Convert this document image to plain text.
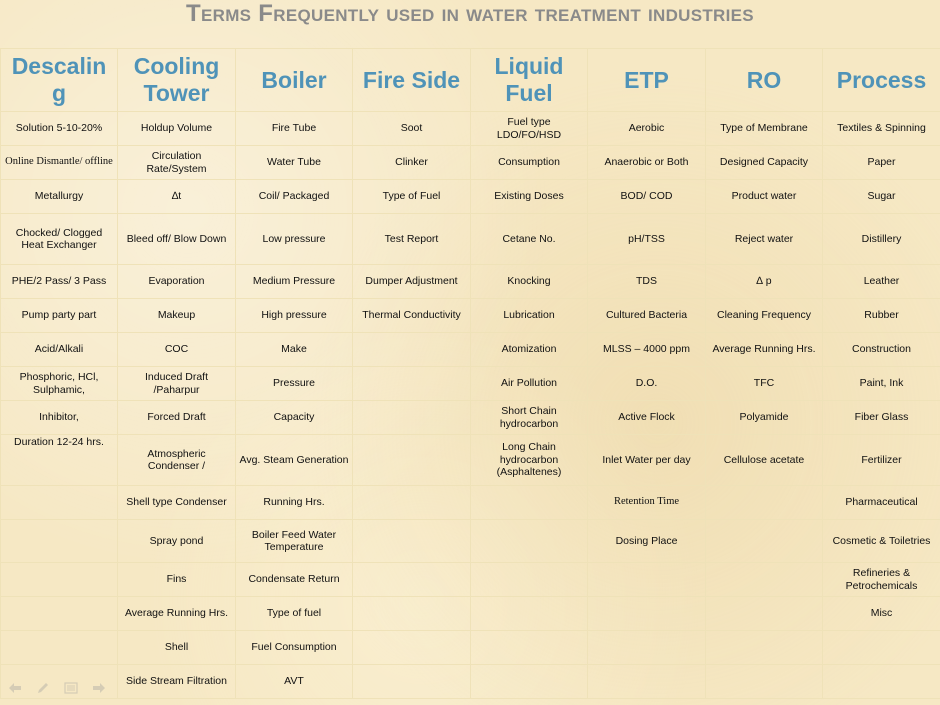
Terms Frequently used in water treatment industries
Descalin g	Cooling Tower	Boiler	Fire Side	Liquid Fuel	ETP	RO	Process
Solution 5-10-20%	Holdup Volume	Fire Tube	Soot	Fuel type LDO/FO/HSD	Aerobic	Type of Membrane	Textiles & Spinning
Online Dismantle/ offline	Circulation Rate/System	Water Tube	Clinker	Consumption	Anaerobic or Both	Designed Capacity	Paper
Metallurgy	∆t	Coil/ Packaged	Type of Fuel	Existing Doses	BOD/ COD	Product water	Sugar
Chocked/ Clogged Heat Exchanger	Bleed off/ Blow Down	Low pressure	Test Report	Cetane No.	pH/TSS	Reject water	Distillery
PHE/2 Pass/ 3 Pass	Evaporation	Medium Pressure	Dumper Adjustment	Knocking	TDS	∆ p	Leather
Pump party part	Makeup	High pressure	Thermal Conductivity	Lubrication	Cultured Bacteria	Cleaning Frequency	Rubber
Acid/Alkali	COC	Make		Atomization	MLSS – 4000 ppm	Average Running Hrs.	Construction
Phosphoric, HCl, Sulphamic,	Induced Draft /Paharpur	Pressure		Air Pollution	D.O.	TFC	Paint, Ink
Inhibitor,	Forced Draft	Capacity		Short Chain hydrocarbon	Active Flock	Polyamide	Fiber Glass
Duration 12-24 hrs.	Atmospheric Condenser /	Avg. Steam Generation		Long Chain hydrocarbon (Asphaltenes)	Inlet Water per day	Cellulose acetate	Fertilizer
	Shell type Condenser	Running Hrs.			Retention Time		Pharmaceutical
	Spray pond	Boiler Feed Water Temperature			Dosing Place		Cosmetic & Toiletries
	Fins	Condensate Return					Refineries & Petrochemicals
	Average Running Hrs.	Type of fuel					Misc
	Shell	Fuel Consumption					
	Side Stream Filtration	AVT					
